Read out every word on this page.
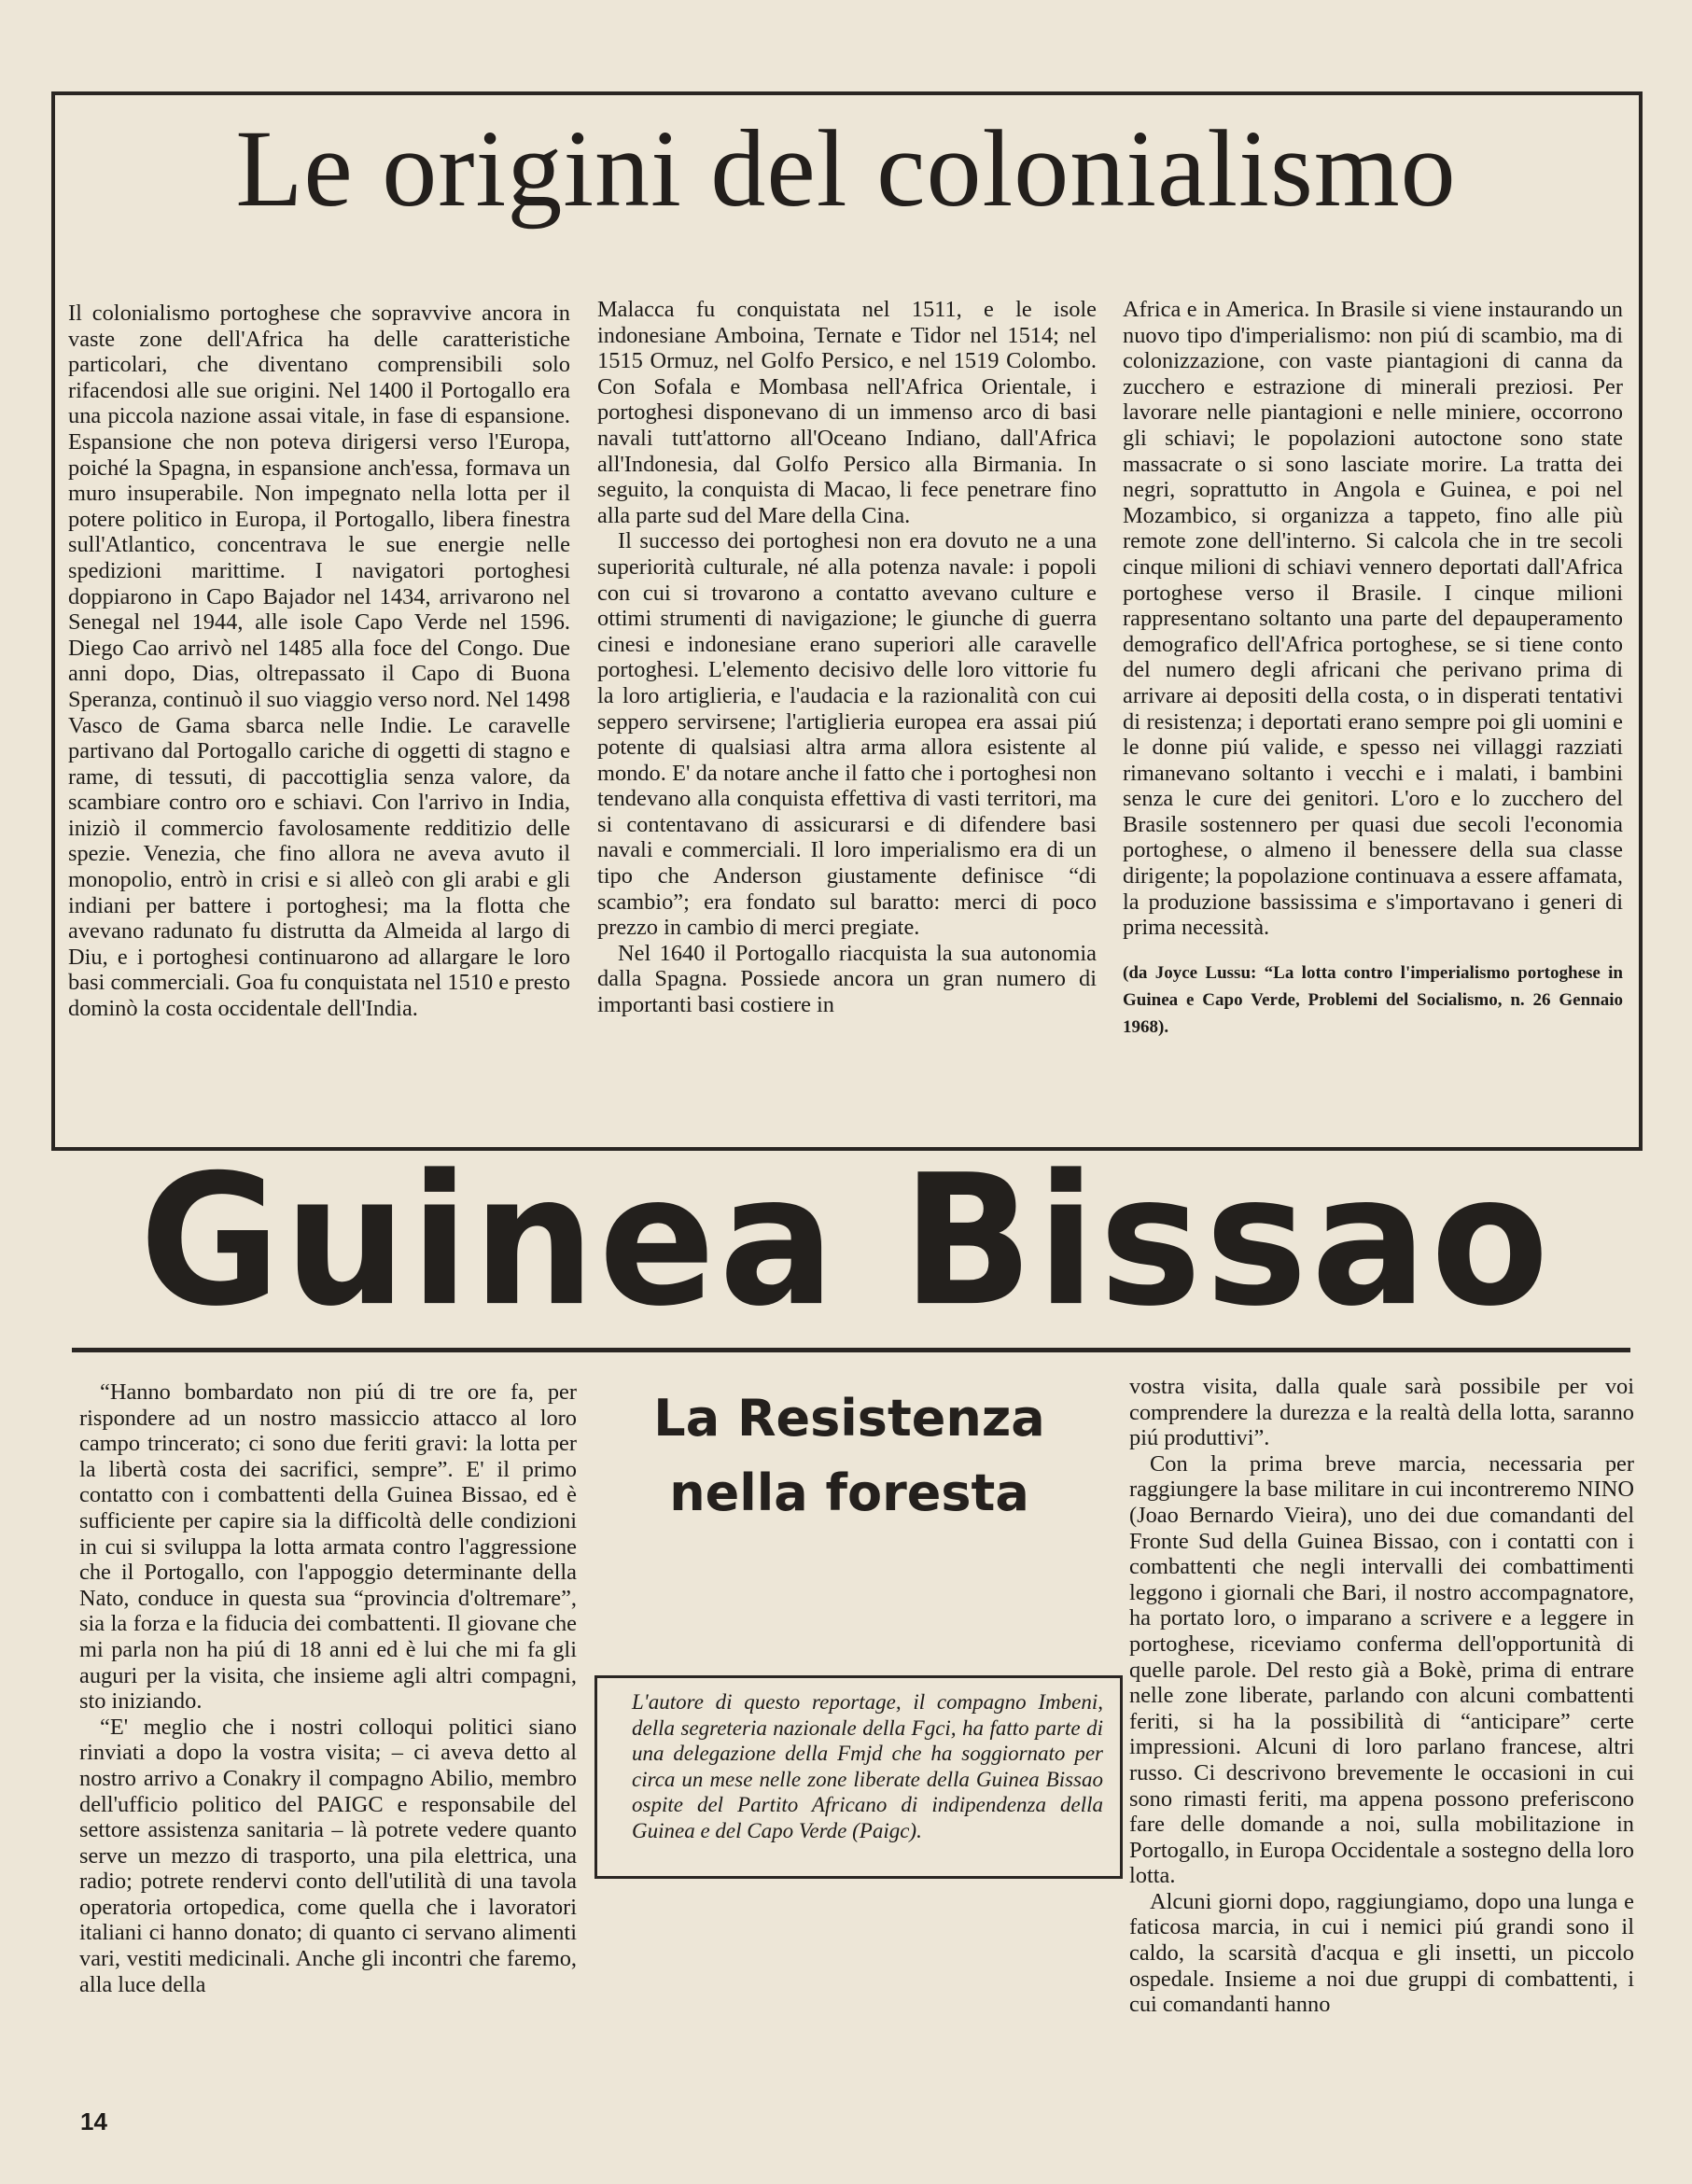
Le origini del colonialismo

Il colonialismo portoghese che sopravvive ancora in vaste zone dell'Africa ha delle caratteristiche particolari, che diventano comprensibili solo rifacendosi alle sue origini. Nel 1400 il Portogallo era una piccola nazione assai vitale, in fase di espansione. Espansione che non poteva dirigersi verso l'Europa, poiché la Spagna, in espansione anch'essa, formava un muro insuperabile. Non impegnato nella lotta per il potere politico in Europa, il Portogallo, libera finestra sull'Atlantico, concentrava le sue energie nelle spedizioni marittime. I navigatori portoghesi doppiarono in Capo Bajador nel 1434, arrivarono nel Senegal nel 1944, alle isole Capo Verde nel 1596. Diego Cao arrivò nel 1485 alla foce del Congo. Due anni dopo, Dias, oltrepassato il Capo di Buona Speranza, continuò il suo viaggio verso nord. Nel 1498 Vasco de Gama sbarca nelle Indie. Le caravelle partivano dal Portogallo cariche di oggetti di stagno e rame, di tessuti, di paccottiglia senza valore, da scambiare contro oro e schiavi. Con l'arrivo in India, iniziò il commercio favolosamente redditizio delle spezie. Venezia, che fino allora ne aveva avuto il monopolio, entrò in crisi e si alleò con gli arabi e gli indiani per battere i portoghesi; ma la flotta che avevano radunato fu distrutta da Almeida al largo di Diu, e i portoghesi continuarono ad allargare le loro basi commerciali. Goa fu conquistata nel 1510 e presto dominò la costa occidentale dell'India.

Malacca fu conquistata nel 1511, e le isole indonesiane Amboina, Ternate e Tidor nel 1514; nel 1515 Ormuz, nel Golfo Persico, e nel 1519 Colombo. Con Sofala e Mombasa nell'Africa Orientale, i portoghesi disponevano di un immenso arco di basi navali tutt'attorno all'Oceano Indiano, dall'Africa all'Indonesia, dal Golfo Persico alla Birmania. In seguito, la conquista di Macao, li fece penetrare fino alla parte sud del Mare della Cina.

Il successo dei portoghesi non era dovuto ne a una superiorità culturale, né alla potenza navale: i popoli con cui si trovarono a contatto avevano culture e ottimi strumenti di navigazione; le giunche di guerra cinesi e indonesiane erano superiori alle caravelle portoghesi. L'elemento decisivo delle loro vittorie fu la loro artiglieria, e l'audacia e la razionalità con cui seppero servirsene; l'artiglieria europea era assai piú potente di qualsiasi altra arma allora esistente al mondo. E' da notare anche il fatto che i portoghesi non tendevano alla conquista effettiva di vasti territori, ma si contentavano di assicurarsi e di difendere basi navali e commerciali. Il loro imperialismo era di un tipo che Anderson giustamente definisce “di scambio”; era fondato sul baratto: merci di poco prezzo in cambio di merci pregiate.

Nel 1640 il Portogallo riacquista la sua autonomia dalla Spagna. Possiede ancora un gran numero di importanti basi costiere in

Africa e in America. In Brasile si viene instaurando un nuovo tipo d'imperialismo: non piú di scambio, ma di colonizzazione, con vaste piantagioni di canna da zucchero e estrazione di minerali preziosi. Per lavorare nelle piantagioni e nelle miniere, occorrono gli schiavi; le popolazioni autoctone sono state massacrate o si sono lasciate morire. La tratta dei negri, soprattutto in Angola e Guinea, e poi nel Mozambico, si organizza a tappeto, fino alle più remote zone dell'interno. Si calcola che in tre secoli cinque milioni di schiavi vennero deportati dall'Africa portoghese verso il Brasile. I cinque milioni rappresentano soltanto una parte del depauperamento demografico dell'Africa portoghese, se si tiene conto del numero degli africani che perivano prima di arrivare ai depositi della costa, o in disperati tentativi di resistenza; i deportati erano sempre poi gli uomini e le donne piú valide, e spesso nei villaggi razziati rimanevano soltanto i vecchi e i malati, i bambini senza le cure dei genitori. L'oro e lo zucchero del Brasile sostennero per quasi due secoli l'economia portoghese, o almeno il benessere della sua classe dirigente; la popolazione continuava a essere affamata, la produzione bassissima e s'importavano i generi di prima necessità.

(da Joyce Lussu: “La lotta contro l'imperialismo portoghese in Guinea e Capo Verde, Problemi del Socialismo, n. 26 Gennaio 1968).

Guinea Bissao

“Hanno bombardato non piú di tre ore fa, per rispondere ad un nostro massiccio attacco al loro campo trincerato; ci sono due feriti gravi: la lotta per la libertà costa dei sacrifici, sempre”. E' il primo contatto con i combattenti della Guinea Bissao, ed è sufficiente per capire sia la difficoltà delle condizioni in cui si sviluppa la lotta armata contro l'aggressione che il Portogallo, con l'appoggio determinante della Nato, conduce in questa sua “provincia d'oltremare”, sia la forza e la fiducia dei combattenti. Il giovane che mi parla non ha piú di 18 anni ed è lui che mi fa gli auguri per la visita, che insieme agli altri compagni, sto iniziando.

“E' meglio che i nostri colloqui politici siano rinviati a dopo la vostra visita; – ci aveva detto al nostro arrivo a Conakry il compagno Abilio, membro dell'ufficio politico del PAIGC e responsabile del settore assistenza sanitaria – là potrete vedere quanto serve un mezzo di trasporto, una pila elettrica, una radio; potrete rendervi conto dell'utilità di una tavola operatoria ortopedica, come quella che i lavoratori italiani ci hanno donato; di quanto ci servano alimenti vari, vestiti medicinali. Anche gli incontri che faremo, alla luce della

La Resistenza
nella foresta
L'autore di questo reportage, il compagno Imbeni, della segreteria nazionale della Fgci, ha fatto parte di una delegazione della Fmjd che ha soggiornato per circa un mese nelle zone liberate della Guinea Bissao ospite del Partito Africano di indipendenza della Guinea e del Capo Verde (Paigc).

vostra visita, dalla quale sarà possibile per voi comprendere la durezza e la realtà della lotta, saranno piú produttivi”.

Con la prima breve marcia, necessaria per raggiungere la base militare in cui incontreremo NINO (Joao Bernardo Vieira), uno dei due comandanti del Fronte Sud della Guinea Bissao, con i contatti con i combattenti che negli intervalli dei combattimenti leggono i giornali che Bari, il nostro accompagnatore, ha portato loro, o imparano a scrivere e a leggere in portoghese, riceviamo conferma dell'opportunità di quelle parole. Del resto già a Bokè, prima di entrare nelle zone liberate, parlando con alcuni combattenti feriti, si ha la possibilità di “anticipare” certe impressioni. Alcuni di loro parlano francese, altri russo. Ci descrivono brevemente le occasioni in cui sono rimasti feriti, ma appena possono preferiscono fare delle domande a noi, sulla mobilitazione in Portogallo, in Europa Occidentale a sostegno della loro lotta.

Alcuni giorni dopo, raggiungiamo, dopo una lunga e faticosa marcia, in cui i nemici piú grandi sono il caldo, la scarsità d'acqua e gli insetti, un piccolo ospedale. Insieme a noi due gruppi di combattenti, i cui comandanti hanno

14
